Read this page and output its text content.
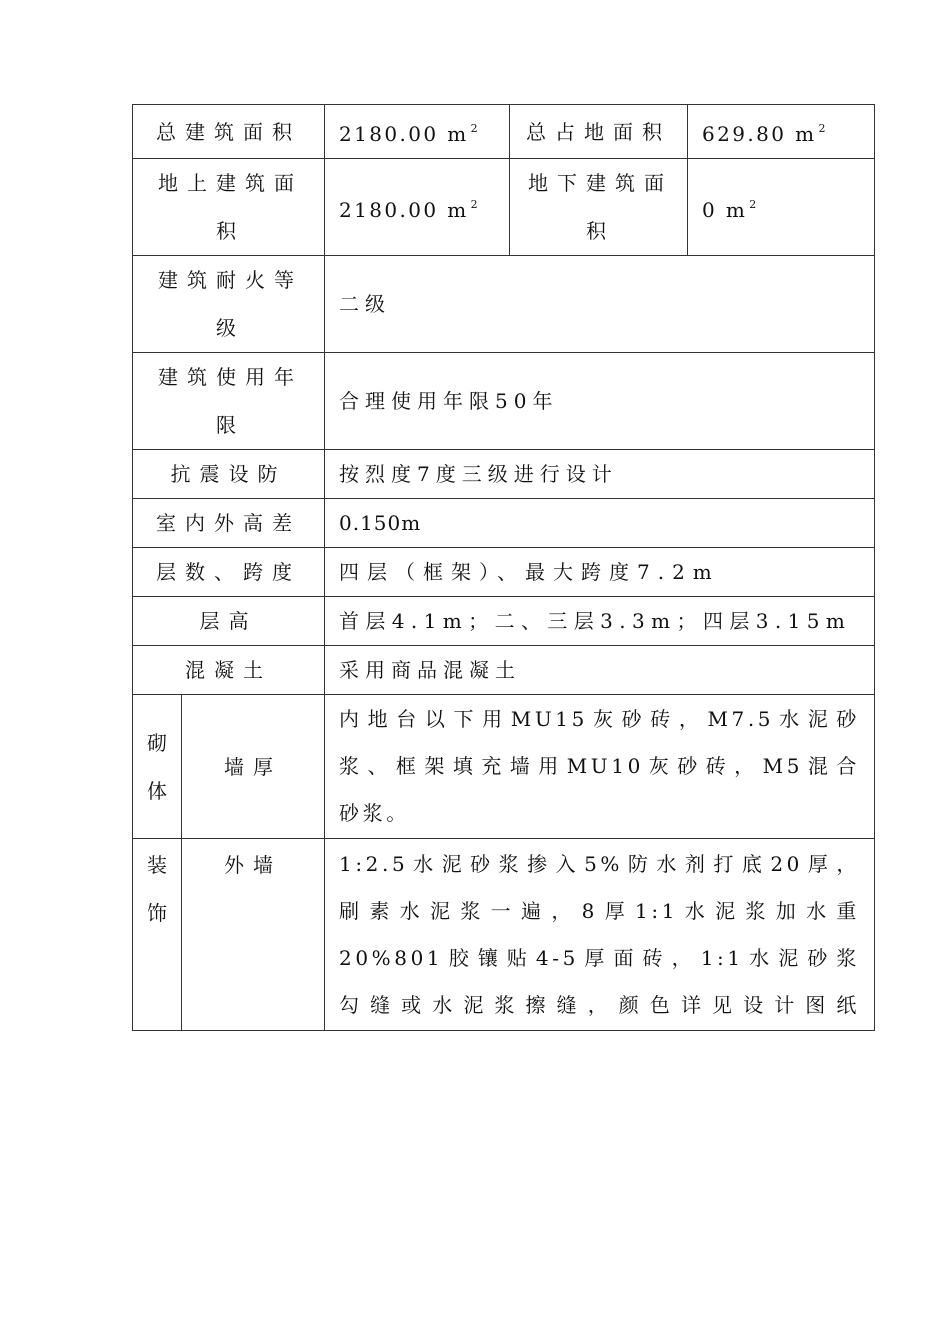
总建筑面积		2180.00 m $^2$	总占地面积	629.80 m $^2$
地上建筑面积		2180.00 m $^2$	地下建筑面积	0 m $^2$
建筑耐火等级		二级		
建筑使用年限		合理使用年限50年		
抗震设防		按烈度7度三级进行设计		
室内外高差		0.150m		
层数、跨度		四层（框架）、最大跨度7.2m		
层高		首层4.1m；二、三层3.3m；四层3.15m		
混凝土		采用商品混凝土		

砌体	墙厚	内地台以下用MU15灰砂砖，M7.5水泥砂

浆、框架填充墙用MU10灰砂砖，M5混合

砂浆。		

装饰	外墙	1:2.5水泥砂浆掺入5%防水剂打底20厚，

刷素水泥浆一遍，8厚1:1水泥浆加水重

20%801胶镶贴4-5厚面砖，1:1水泥砂浆

勾缝或水泥浆擦缝，颜色详见设计图纸		
